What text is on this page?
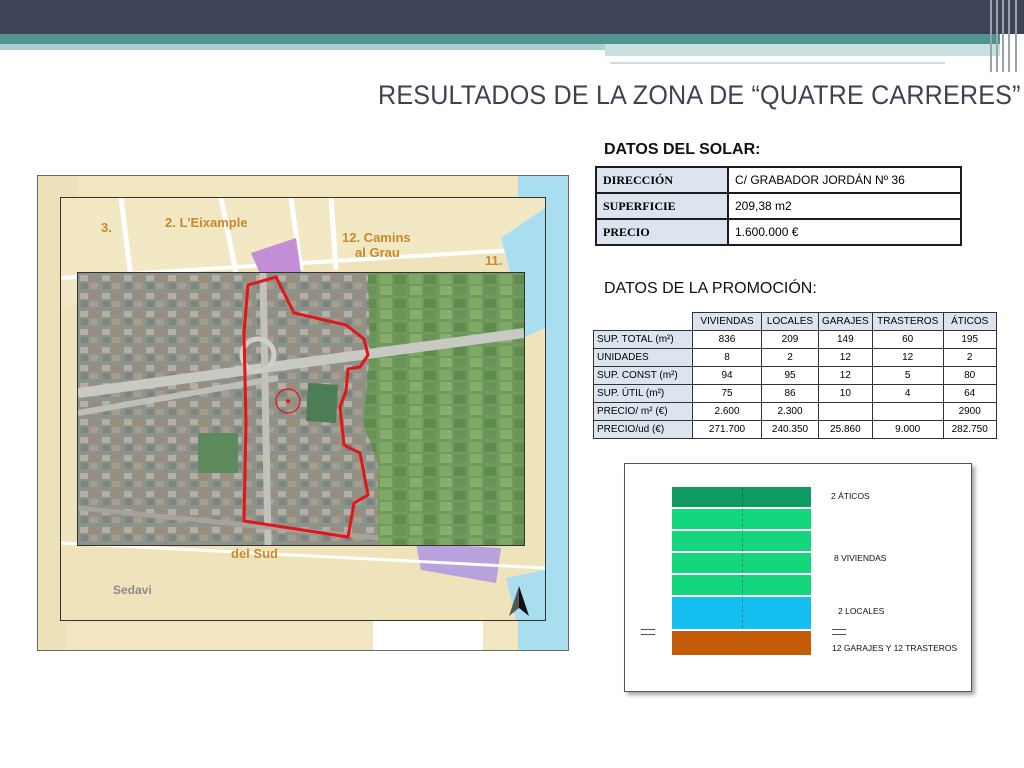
RESULTADOS DE LA ZONA DE “QUATRE CARRERES”

DATOS DEL SOLAR:

DIRECCIÓN	C/ GRABADOR JORDÁN Nº 36
SUPERFICIE	209,38 m2
PRECIO	1.600.000 €

DATOS DE LA PROMOCIÓN:

	VIVIENDAS	LOCALES	GARAJES	TRASTEROS	ÁTICOS
SUP. TOTAL (m²)	836	209	149	60	195
UNIDADES	8	2	12	12	2
SUP. CONST (m²)	94	95	12	5	80
SUP. ÚTIL (m²)	75	86	10	4	64
PRECIO/ m² (€)	2.600	2.300			2900
PRECIO/ud (€)	271.700	240.350	25.860	9.000	282.750
3.	2. L'Eixample
12. Camins
al Grau
11.
del Sud
Sedavi
2 ÁTICOS
8 VIVIENDAS
2 LOCALES
12 GARAJES Y 12 TRASTEROS
